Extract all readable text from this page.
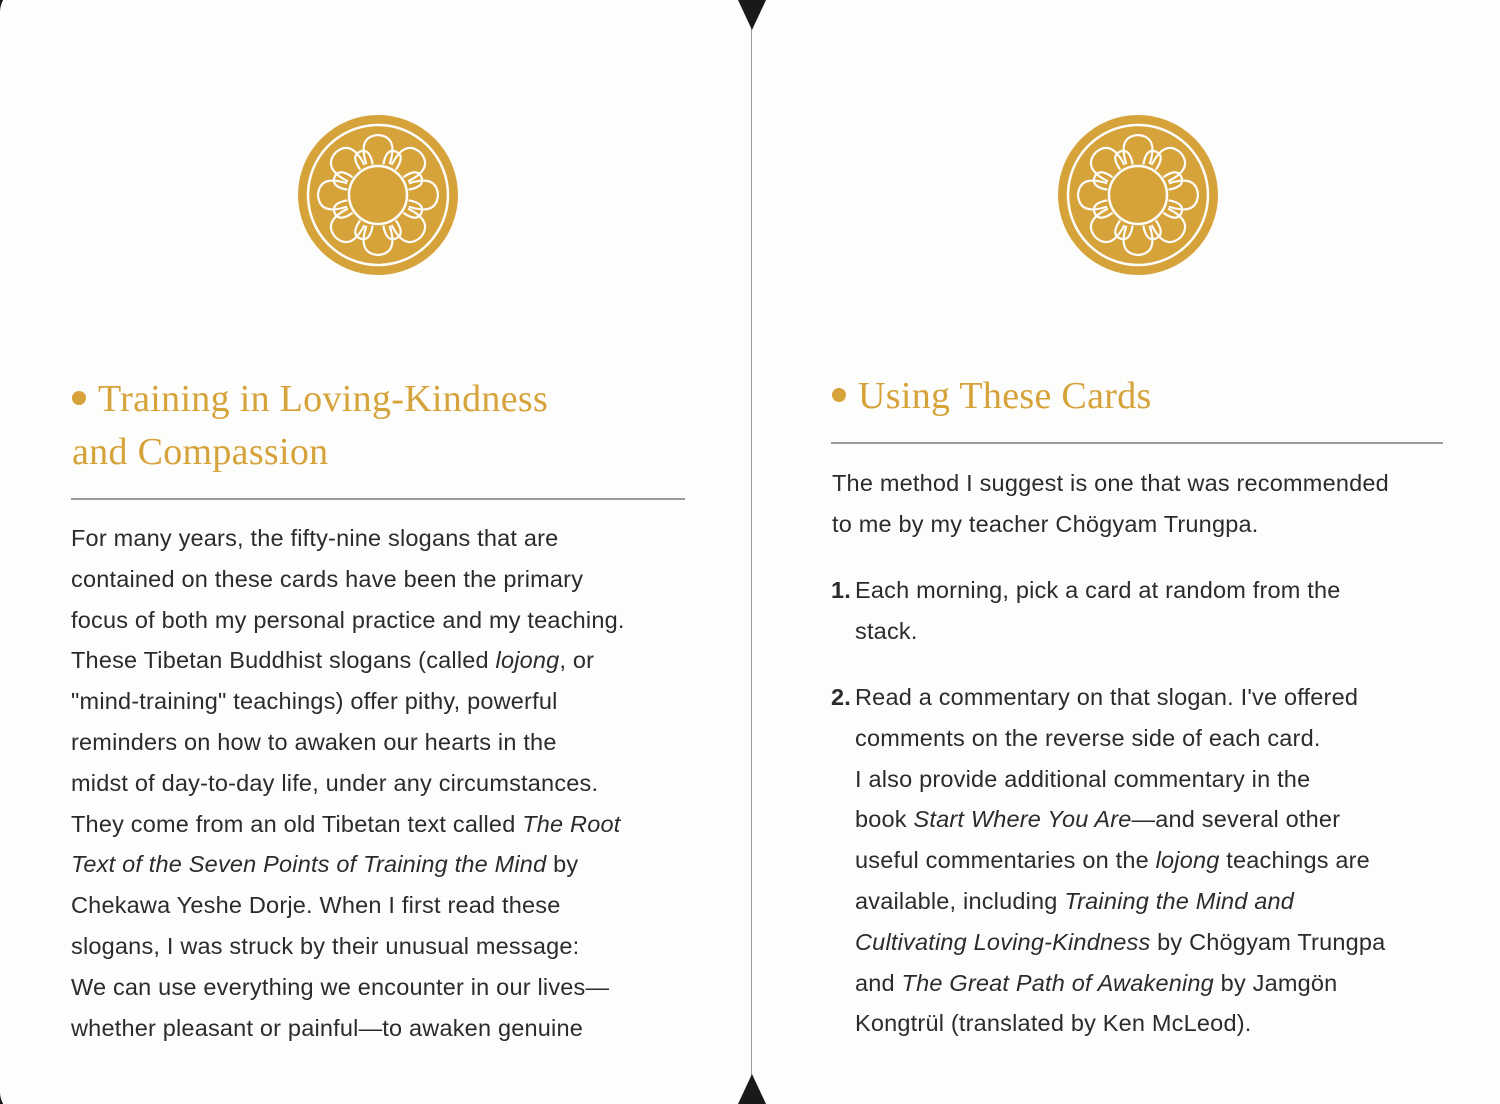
Training in Loving-Kindness
and Compassion
For many years, the fifty-nine slogans that are
contained on these cards have been the primary
focus of both my personal practice and my teaching.
These Tibetan Buddhist slogans (called lojong, or
"mind-training" teachings) offer pithy, powerful
reminders on how to awaken our hearts in the
midst of day-to-day life, under any circumstances.
They come from an old Tibetan text called The Root
Text of the Seven Points of Training the Mind by
Chekawa Yeshe Dorje. When I first read these
slogans, I was struck by their unusual message:
We can use everything we encounter in our lives—
whether pleasant or painful—to awaken genuine
Using These Cards
The method I suggest is one that was recommended
to me by my teacher Chögyam Trungpa.
1. Each morning, pick a card at random from the
stack.
2. Read a commentary on that slogan. I've offered
comments on the reverse side of each card.
I also provide additional commentary in the
book Start Where You Are—and several other
useful commentaries on the lojong teachings are
available, including Training the Mind and
Cultivating Loving-Kindness by Chögyam Trungpa
and The Great Path of Awakening by Jamgön
Kongtrül (translated by Ken McLeod).
